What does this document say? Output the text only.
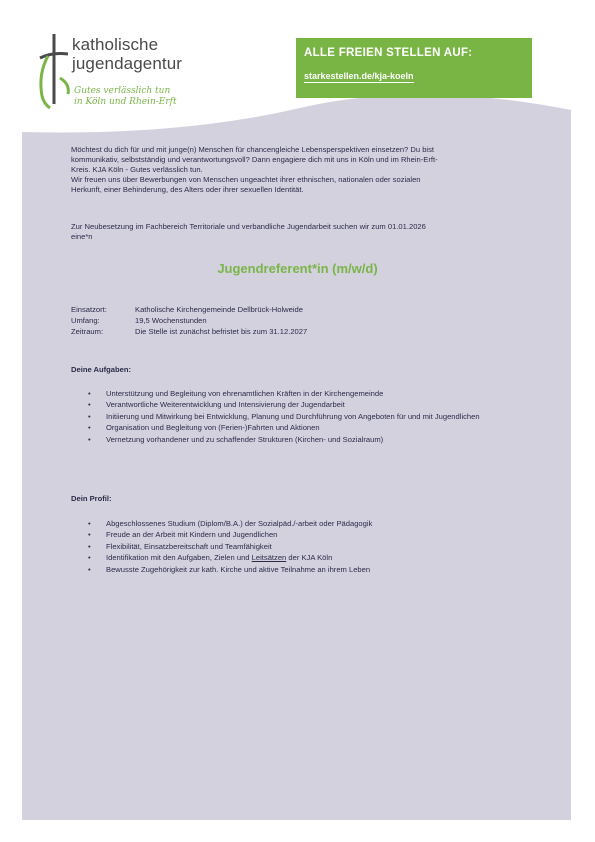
katholische
jugendagentur
Gutes verlässlich tun
in Köln und Rhein-Erft
ALLE FREIEN STELLEN AUF:
starkestellen.de/kja-koeln
Möchtest du dich für und mit junge(n) Menschen für chancengleiche Lebensperspektiven einsetzen? Du bist
kommunikativ, selbstständig und verantwortungsvoll? Dann engagiere dich mit uns in Köln und im Rhein-Erft-
Kreis. KJA Köln - Gutes verlässlich tun.
Wir freuen uns über Bewerbungen von Menschen ungeachtet ihrer ethnischen, nationalen oder sozialen
Herkunft, einer Behinderung, des Alters oder ihrer sexuellen Identität.
Zur Neubesetzung im Fachbereich Territoriale und verbandliche Jugendarbeit suchen wir zum 01.01.2026
eine*n
Jugendreferent*in (m/w/d)
Einsatzort:	Katholische Kirchengemeinde Dellbrück-Holweide
Umfang:	19,5 Wochenstunden
Zeitraum:	Die Stelle ist zunächst befristet bis zum 31.12.2027
Deine Aufgaben:
• Unterstützung und Begleitung von ehrenamtlichen Kräften in der Kirchengemeinde
• Verantwortliche Weiterentwicklung und Intensivierung der Jugendarbeit
• Initiierung und Mitwirkung bei Entwicklung, Planung und Durchführung von Angeboten für und mit Jugendlichen
• Organisation und Begleitung von (Ferien-)Fahrten und Aktionen
• Vernetzung vorhandener und zu schaffender Strukturen (Kirchen- und Sozialraum)
Dein Profil:
• Abgeschlossenes Studium (Diplom/B.A.) der Sozialpäd./-arbeit oder Pädagogik
• Freude an der Arbeit mit Kindern und Jugendlichen
• Flexibilität, Einsatzbereitschaft und Teamfähigkeit
• Identifikation mit den Aufgaben, Zielen und Leitsätzen der KJA Köln
• Bewusste Zugehörigkeit zur kath. Kirche und aktive Teilnahme an ihrem Leben
